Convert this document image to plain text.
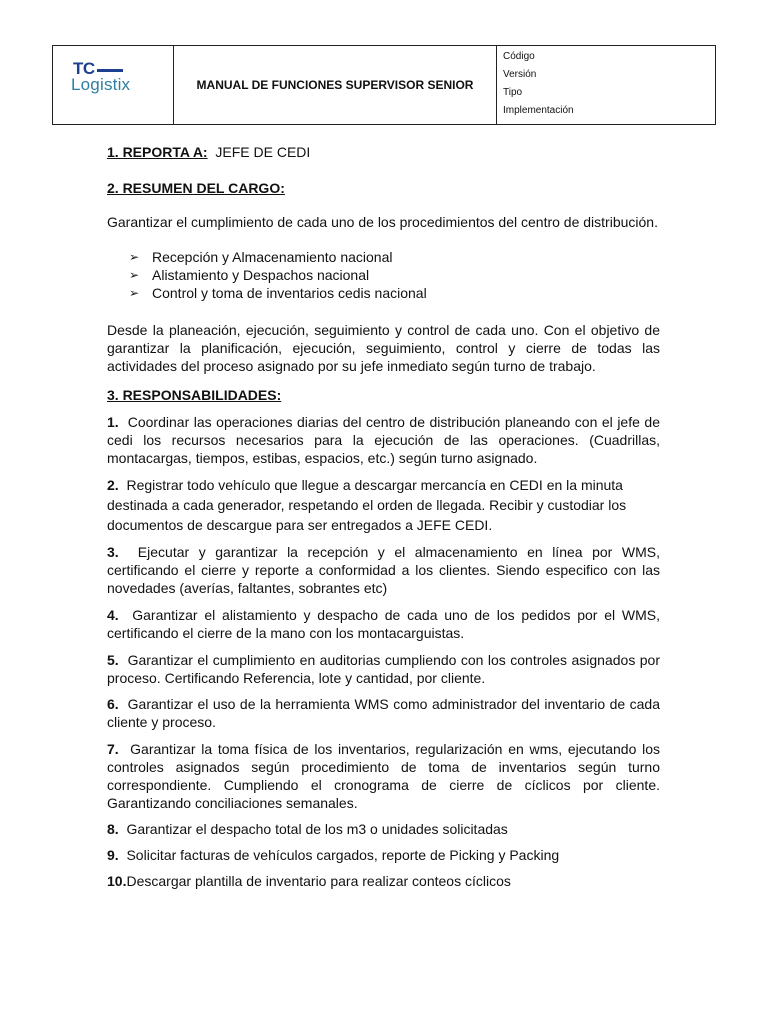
TC
Logistix	MANUAL DE FUNCIONES SUPERVISOR SENIOR
Código
Versión
Tipo
Implementación

1. REPORTA A: JEFE DE CEDI

2. RESUMEN DEL CARGO:

Garantizar el cumplimiento de cada uno de los procedimientos del centro de distribución.

➢ Recepción y Almacenamiento nacional
➢ Alistamiento y Despachos nacional
➢ Control y toma de inventarios cedis nacional

Desde la planeación, ejecución, seguimiento y control de cada uno. Con el objetivo de garantizar la planificación, ejecución, seguimiento, control y cierre de todas las actividades del proceso asignado por su jefe inmediato según turno de trabajo.

3. RESPONSABILIDADES:

1. Coordinar las operaciones diarias del centro de distribución planeando con el jefe de cedi los recursos necesarios para la ejecución de las operaciones. (Cuadrillas, montacargas, tiempos, estibas, espacios, etc.) según turno asignado.

2. Registrar todo vehículo que llegue a descargar mercancía en CEDI en la minuta destinada a cada generador, respetando el orden de llegada. Recibir y custodiar los documentos de descargue para ser entregados a JEFE CEDI.

3. Ejecutar y garantizar la recepción y el almacenamiento en línea por WMS, certificando el cierre y reporte a conformidad a los clientes. Siendo especifico con las novedades (averías, faltantes, sobrantes etc)

4. Garantizar el alistamiento y despacho de cada uno de los pedidos por el WMS, certificando el cierre de la mano con los montacarguistas.

5. Garantizar el cumplimiento en auditorias cumpliendo con los controles asignados por proceso. Certificando Referencia, lote y cantidad, por cliente.

6. Garantizar el uso de la herramienta WMS como administrador del inventario de cada cliente y proceso.

7. Garantizar la toma física de los inventarios, regularización en wms, ejecutando los controles asignados según procedimiento de toma de inventarios según turno correspondiente. Cumpliendo el cronograma de cierre de cíclicos por cliente. Garantizando conciliaciones semanales.

8. Garantizar el despacho total de los m3 o unidades solicitadas

9. Solicitar facturas de vehículos cargados, reporte de Picking y Packing

10.Descargar plantilla de inventario para realizar conteos cíclicos
